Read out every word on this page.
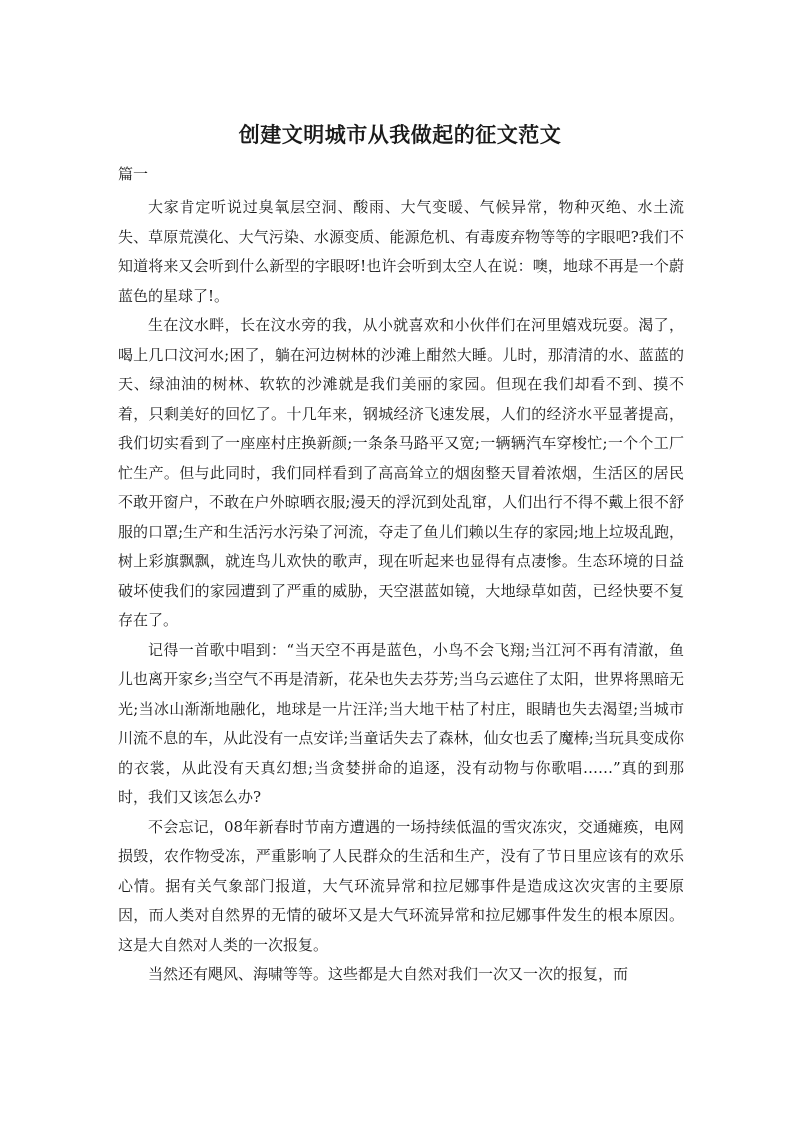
创建文明城市从我做起的征文范文

篇一

大家肯定听说过臭氧层空洞、酸雨、大气变暖、气候异常，物种灭绝、水土流失、草原荒漠化、大气污染、水源变质、能源危机、有毒废弃物等等的字眼吧?我们不知道将来又会听到什么新型的字眼呀!也许会听到太空人在说：噢，地球不再是一个蔚蓝色的星球了!。

生在汶水畔，长在汶水旁的我，从小就喜欢和小伙伴们在河里嬉戏玩耍。渴了，喝上几口汶河水;困了，躺在河边树林的沙滩上酣然大睡。儿时，那清清的水、蓝蓝的天、绿油油的树林、软软的沙滩就是我们美丽的家园。但现在我们却看不到、摸不着，只剩美好的回忆了。十几年来，钢城经济飞速发展，人们的经济水平显著提高，我们切实看到了一座座村庄换新颜;一条条马路平又宽;一辆辆汽车穿梭忙;一个个工厂忙生产。但与此同时，我们同样看到了高高耸立的烟囱整天冒着浓烟，生活区的居民不敢开窗户，不敢在户外晾晒衣服;漫天的浮沉到处乱窜，人们出行不得不戴上很不舒服的口罩;生产和生活污水污染了河流，夺走了鱼儿们赖以生存的家园;地上垃圾乱跑，树上彩旗飘飘，就连鸟儿欢快的歌声，现在听起来也显得有点凄惨。生态环境的日益破坏使我们的家园遭到了严重的威胁，天空湛蓝如镜，大地绿草如茵，已经快要不复存在了。

记得一首歌中唱到：“当天空不再是蓝色，小鸟不会飞翔;当江河不再有清澈，鱼儿也离开家乡;当空气不再是清新，花朵也失去芬芳;当乌云遮住了太阳，世界将黑暗无光;当冰山渐渐地融化，地球是一片汪洋;当大地干枯了村庄，眼睛也失去渴望;当城市川流不息的车，从此没有一点安详;当童话失去了森林，仙女也丢了魔棒;当玩具变成你的衣裳，从此没有天真幻想;当贪婪拼命的追逐，没有动物与你歌唱……”真的到那时，我们又该怎么办?

不会忘记，08年新春时节南方遭遇的一场持续低温的雪灾冻灾，交通瘫痪，电网损毁，农作物受冻，严重影响了人民群众的生活和生产，没有了节日里应该有的欢乐心情。据有关气象部门报道，大气环流异常和拉尼娜事件是造成这次灾害的主要原因，而人类对自然界的无情的破坏又是大气环流异常和拉尼娜事件发生的根本原因。这是大自然对人类的一次报复。

当然还有飓风、海啸等等。这些都是大自然对我们一次又一次的报复，而
